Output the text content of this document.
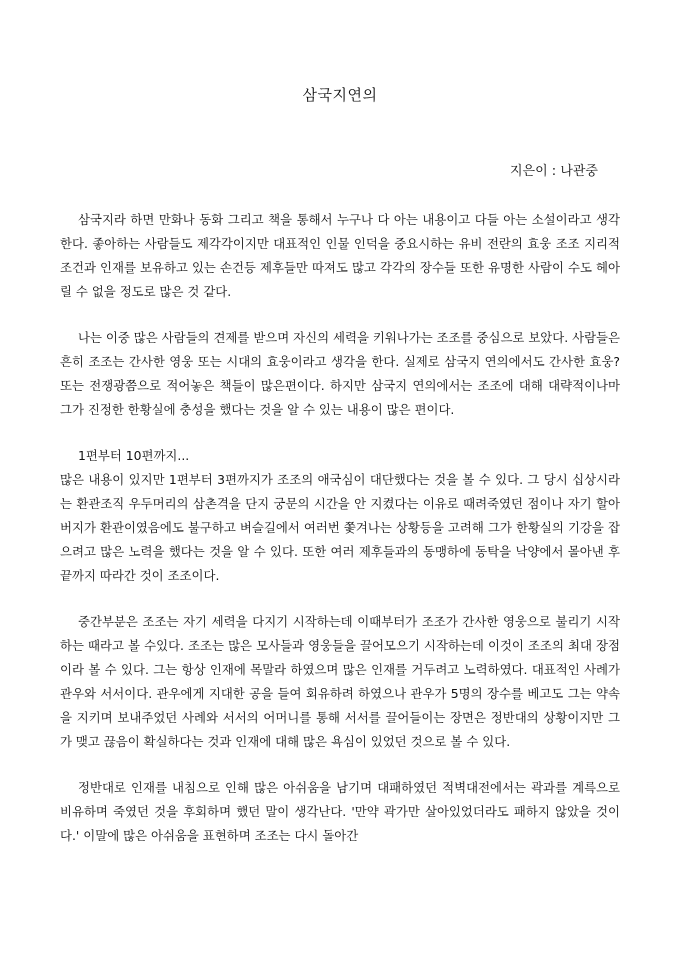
삼국지연의

지은이 : 나관중

삼국지라 하면 만화나 동화 그리고 책을 통해서 누구나 다 아는 내용이고 다들 아는 소설이라고 생각한다. 좋아하는 사람들도 제각각이지만 대표적인 인물 인덕을 중요시하는 유비 전란의 효웅 조조 지리적 조건과 인재를 보유하고 있는 손건등 제후들만 따져도 많고 각각의 장수들 또한 유명한 사람이 수도 헤아릴 수 없을 정도로 많은 것 같다.

나는 이중 많은 사람들의 견제를 받으며 자신의 세력을 키워나가는 조조를 중심으로 보았다. 사람들은 흔히 조조는 간사한 영웅 또는 시대의 효웅이라고 생각을 한다. 실제로 삼국지 연의에서도 간사한 효웅? 또는 전쟁광쯤으로 적어놓은 책들이 많은편이다. 하지만 삼국지 연의에서는 조조에 대해 대략적이나마 그가 진정한 한황실에 충성을 했다는 것을 알 수 있는 내용이 많은 편이다.

1편부터 10편까지...

많은 내용이 있지만 1편부터 3편까지가 조조의 애국심이 대단했다는 것을 볼 수 있다. 그 당시 십상시라는 환관조직 우두머리의 삼촌격을 단지 궁문의 시간을 안 지켰다는 이유로 때려죽였던 점이나 자기 할아버지가 환관이였음에도 불구하고 벼슬길에서 여러번 쫓겨나는 상황등을 고려해 그가 한황실의 기강을 잡으려고 많은 노력을 했다는 것을 알 수 있다. 또한 여러 제후들과의 동맹하에 동탁을 낙양에서 몰아낸 후 끝까지 따라간 것이 조조이다.

중간부분은 조조는 자기 세력을 다지기 시작하는데 이때부터가 조조가 간사한 영웅으로 불리기 시작하는 때라고 볼 수있다. 조조는 많은 모사들과 영웅들을 끌어모으기 시작하는데 이것이 조조의 최대 장점이라 볼 수 있다. 그는 항상 인재에 목말라 하였으며 많은 인재를 거두려고 노력하였다. 대표적인 사례가 관우와 서서이다. 관우에게 지대한 공을 들여 회유하려 하였으나 관우가 5명의 장수를 베고도 그는 약속을 지키며 보내주었던 사례와 서서의 어머니를 통해 서서를 끌어들이는 장면은 정반대의 상황이지만 그가 맺고 끊음이 확실하다는 것과 인재에 대해 많은 욕심이 있었던 것으로 볼 수 있다.

정반대로 인재를 내침으로 인해 많은 아쉬움을 남기며 대패하였던 적벽대전에서는 곽과를 계륵으로 비유하며 죽였던 것을 후회하며 했던 말이 생각난다. '만약 곽가만 살아있었더라도 패하지 않았을 것이다.' 이말에 많은 아쉬움을 표현하며 조조는 다시 돌아간
